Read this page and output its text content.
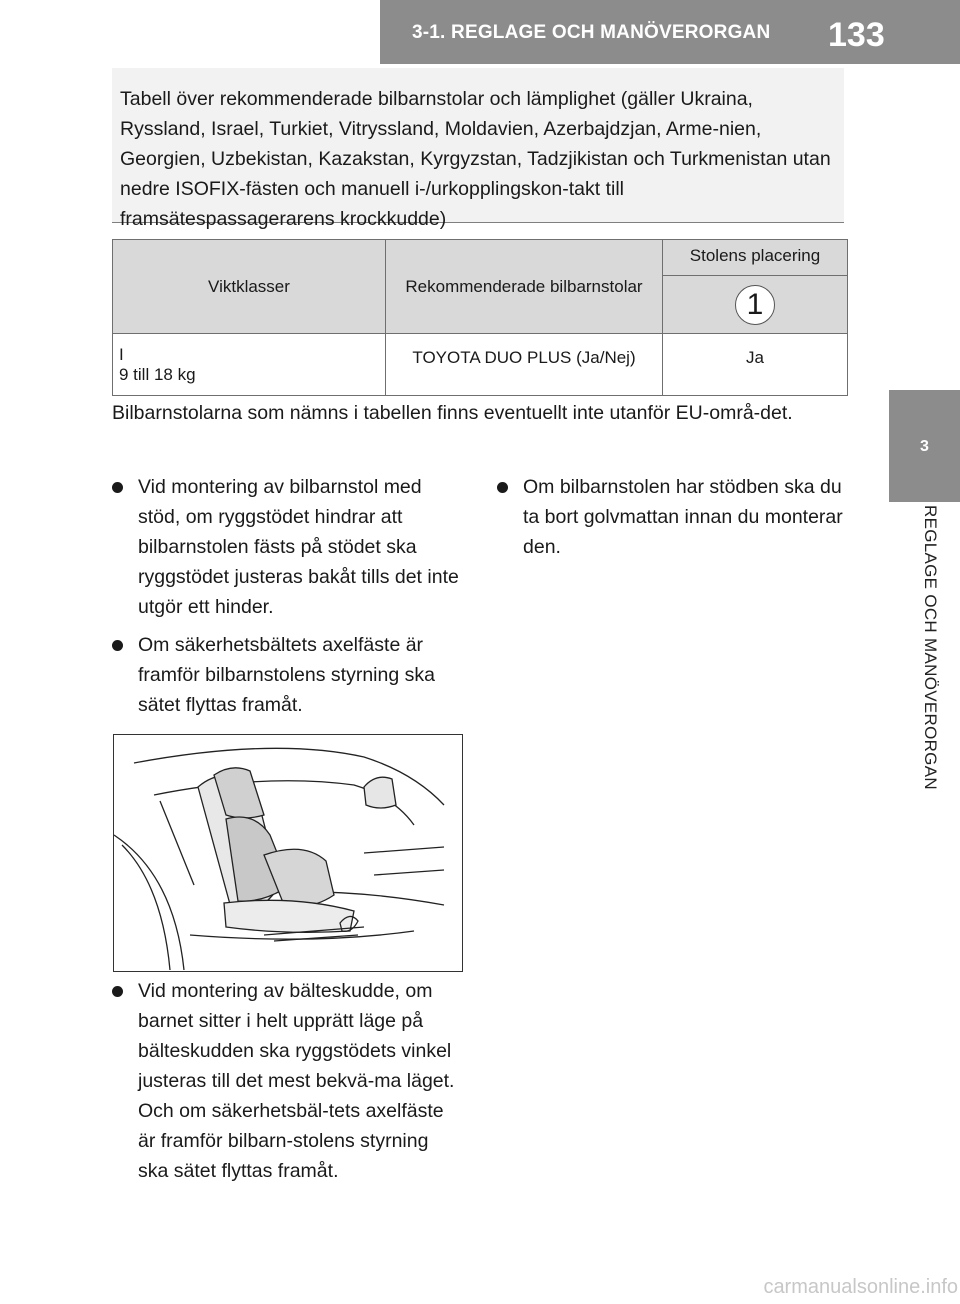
3-1. REGLAGE OCH MANÖVERORGAN	133
3
REGLAGE OCH MANÖVERORGAN
Tabell över rekommenderade bilbarnstolar och lämplighet (gäller Ukraina, Ryssland, Israel, Turkiet, Vitryssland, Moldavien, Azerbajdzjan, Arme-nien, Georgien, Uzbekistan, Kazakstan, Kyrgyzstan, Tadzjikistan och Turkmenistan utan nedre ISOFIX-fästen och manuell i-/urkopplingskon-takt till framsätespassagerarens krockkudde)
Viktklasser	Rekommenderade bilbarnstolar	Stolens placering
		1

I
9 till 18 kg	TOYOTA DUO PLUS (Ja/Nej)	Ja
Bilbarnstolarna som nämns i tabellen finns eventuellt inte utanför EU-områ-det.
Vid montering av bilbarnstol med stöd, om ryggstödet hindrar att bilbarnstolen fästs på stödet ska ryggstödet justeras bakåt tills det inte utgör ett hinder.
Om säkerhetsbältets axelfäste är framför bilbarnstolens styrning ska sätet flyttas framåt.
Om bilbarnstolen har stödben ska du ta bort golvmattan innan du monterar den.
Vid montering av bälteskudde, om barnet sitter i helt upprätt läge på bälteskudden ska ryggstödets vinkel justeras till det mest bekvä-ma läget. Och om säkerhetsbäl-tets axelfäste är framför bilbarn-stolens styrning ska sätet flyttas framåt.
carmanualsonline.info
